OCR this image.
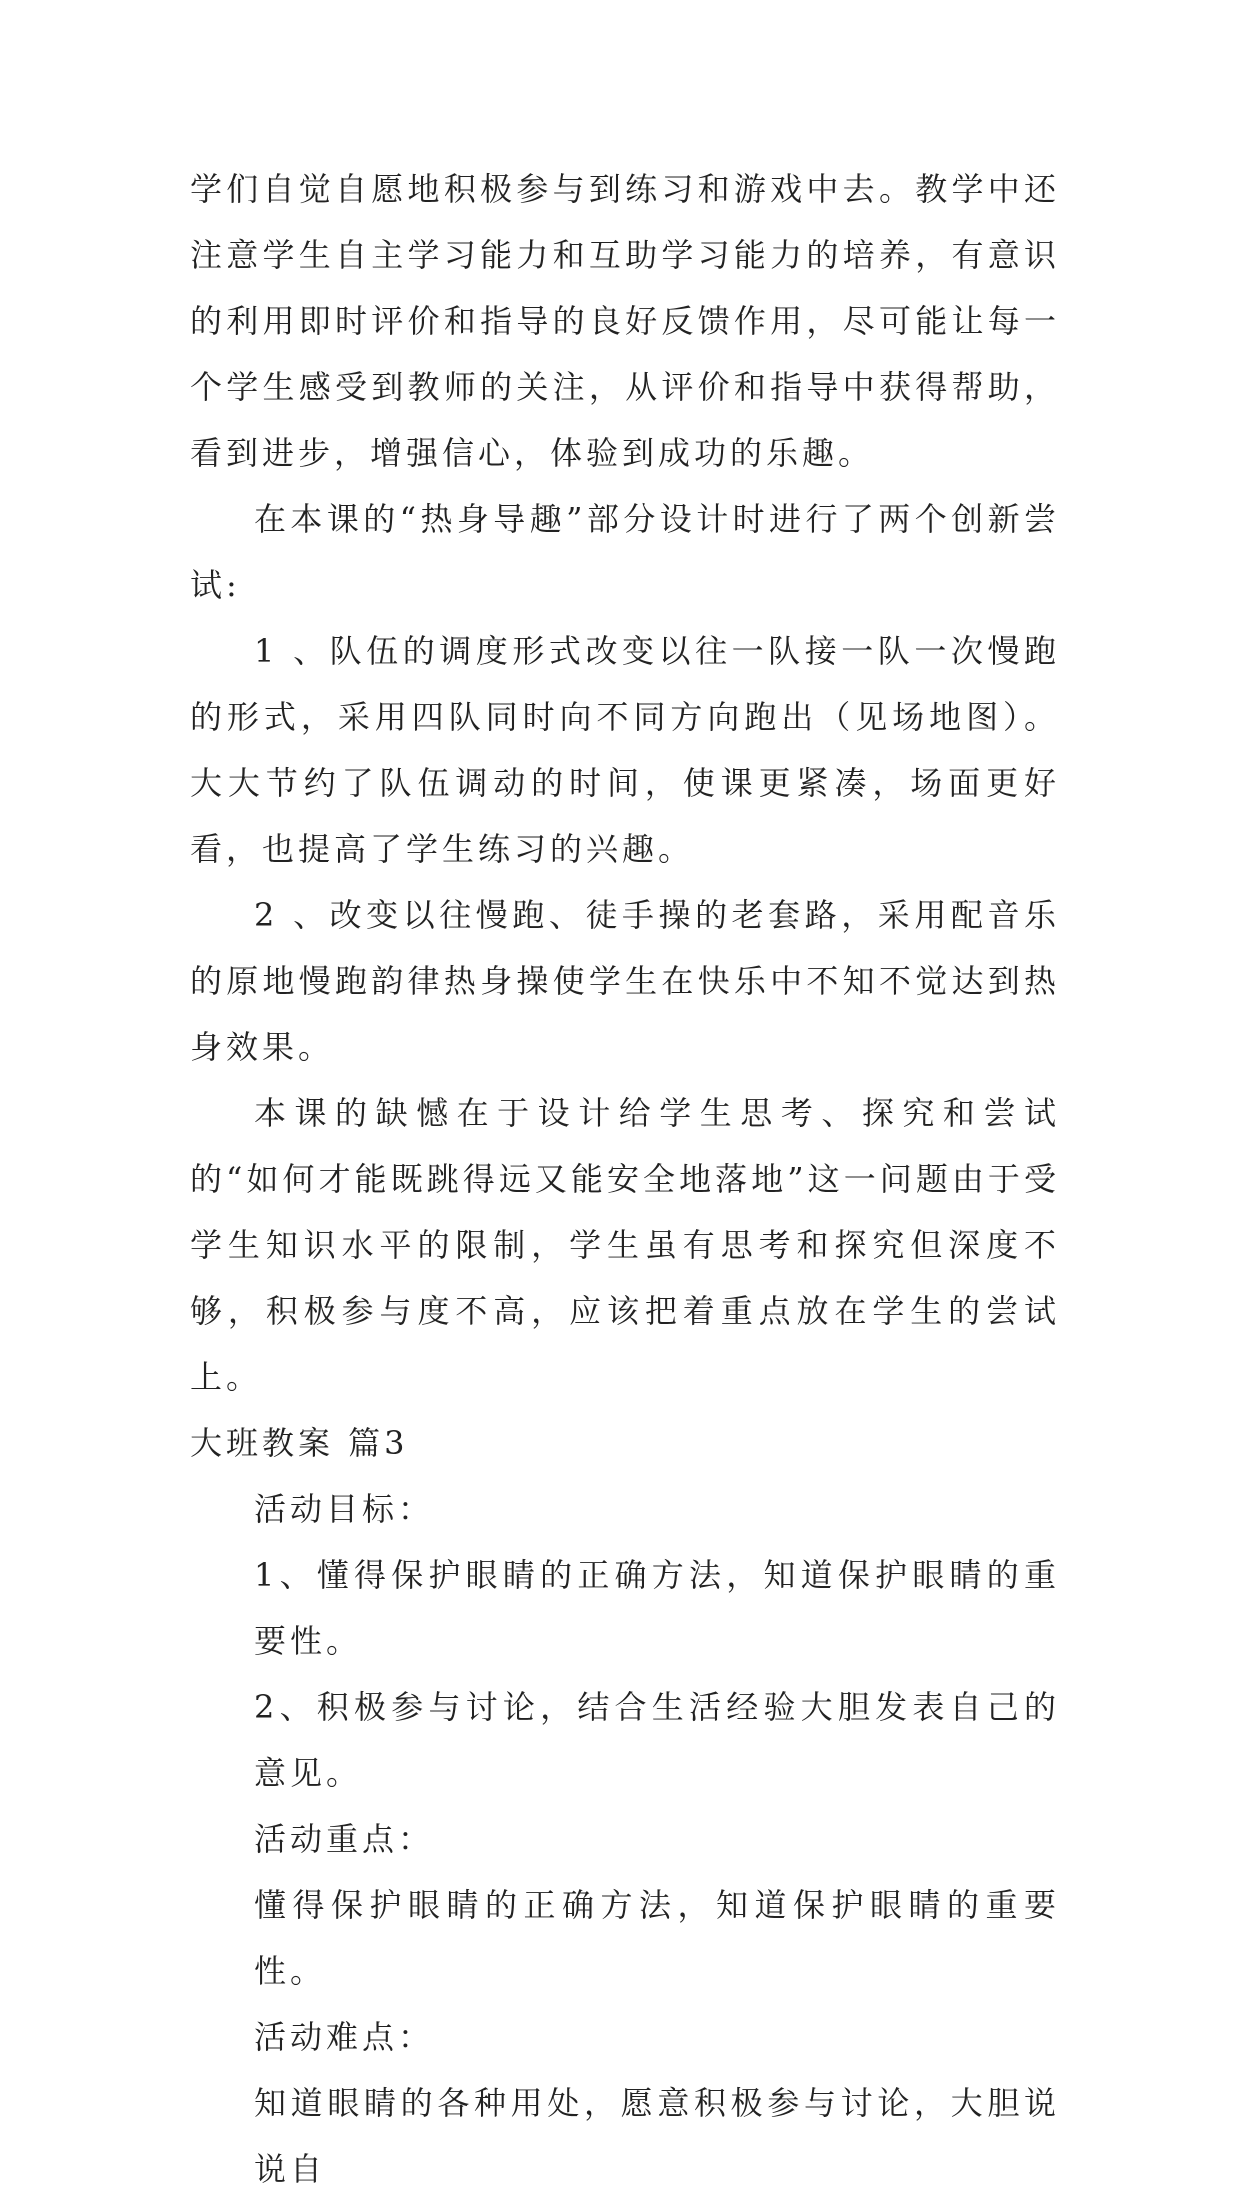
学们自觉自愿地积极参与到练习和游戏中去。教学中还注意学生自主学习能力和互助学习能力的培养，有意识的利用即时评价和指导的良好反馈作用，尽可能让每一个学生感受到教师的关注，从评价和指导中获得帮助，看到进步，增强信心，体验到成功的乐趣。

在本课的“热身导趣”部分设计时进行了两个创新尝试:

1 、队伍的调度形式改变以往一队接一队一次慢跑的形式，采用四队同时向不同方向跑出（见场地图）。大大节约了队伍调动的时间，使课更紧凑，场面更好看，也提高了学生练习的兴趣。

2 、改变以往慢跑、徒手操的老套路，采用配音乐的原地慢跑韵律热身操使学生在快乐中不知不觉达到热身效果。

本课的缺憾在于设计给学生思考、探究和尝试的“如何才能既跳得远又能安全地落地”这一问题由于受学生知识水平的限制，学生虽有思考和探究但深度不够，积极参与度不高，应该把着重点放在学生的尝试上。

大班教案 篇3

活动目标：

1、懂得保护眼睛的正确方法，知道保护眼睛的重要性。

2、积极参与讨论，结合生活经验大胆发表自己的意见。

活动重点：

懂得保护眼睛的正确方法，知道保护眼睛的重要性。

活动难点：

知道眼睛的各种用处，愿意积极参与讨论，大胆说说自
